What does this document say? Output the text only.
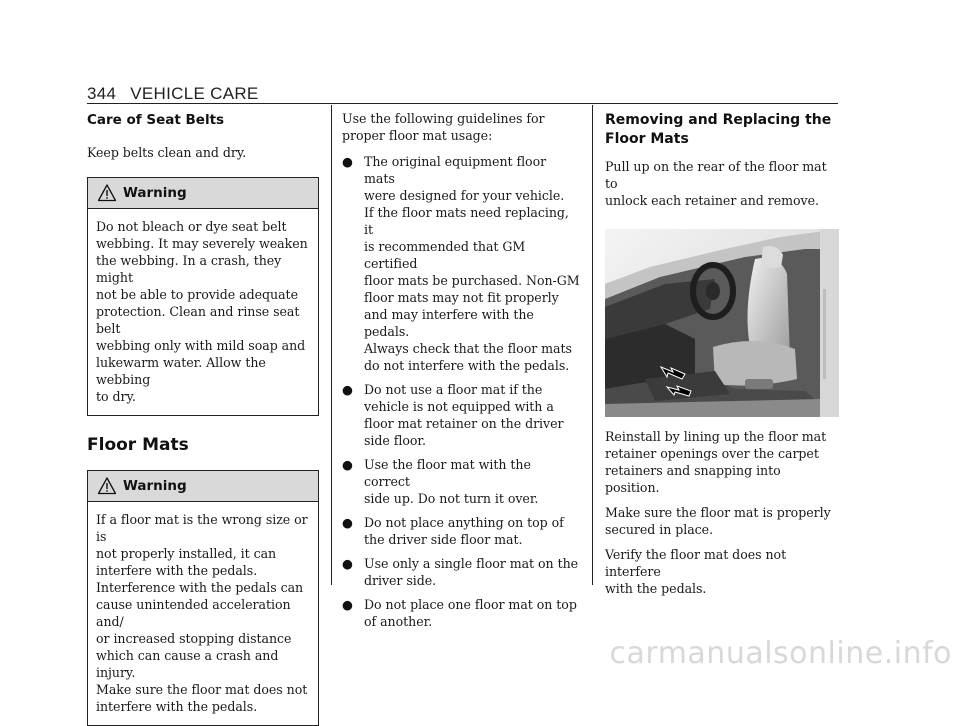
344 VEHICLE CARE
Care of Seat Belts

Keep belts clean and dry.

Warning

Do not bleach or dye seat belt

webbing. It may severely weaken

the webbing. In a crash, they might

not be able to provide adequate

protection. Clean and rinse seat belt

webbing only with mild soap and

lukewarm water. Allow the webbing

to dry.

Floor Mats
Warning

If a floor mat is the wrong size or is

not properly installed, it can

interfere with the pedals.

Interference with the pedals can

cause unintended acceleration and/

or increased stopping distance

which can cause a crash and injury.

Make sure the floor mat does not

interfere with the pedals.

Use the following guidelines for

proper floor mat usage:

● The original equipment floor mats

were designed for your vehicle.

If the floor mats need replacing, it

is recommended that GM certified

floor mats be purchased. Non-GM

floor mats may not fit properly

and may interfere with the pedals.

Always check that the floor mats

do not interfere with the pedals.

● Do not use a floor mat if the

vehicle is not equipped with a

floor mat retainer on the driver

side floor.

● Use the floor mat with the correct

side up. Do not turn it over.

● Do not place anything on top of

the driver side floor mat.

● Use only a single floor mat on the

driver side.

● Do not place one floor mat on top

of another.

Removing and Replacing the
Floor Mats

Pull up on the rear of the floor mat to

unlock each retainer and remove.

Reinstall by lining up the floor mat

retainer openings over the carpet

retainers and snapping into position.

Make sure the floor mat is properly

secured in place.

Verify the floor mat does not interfere

with the pedals.

carmanualsonline.info
